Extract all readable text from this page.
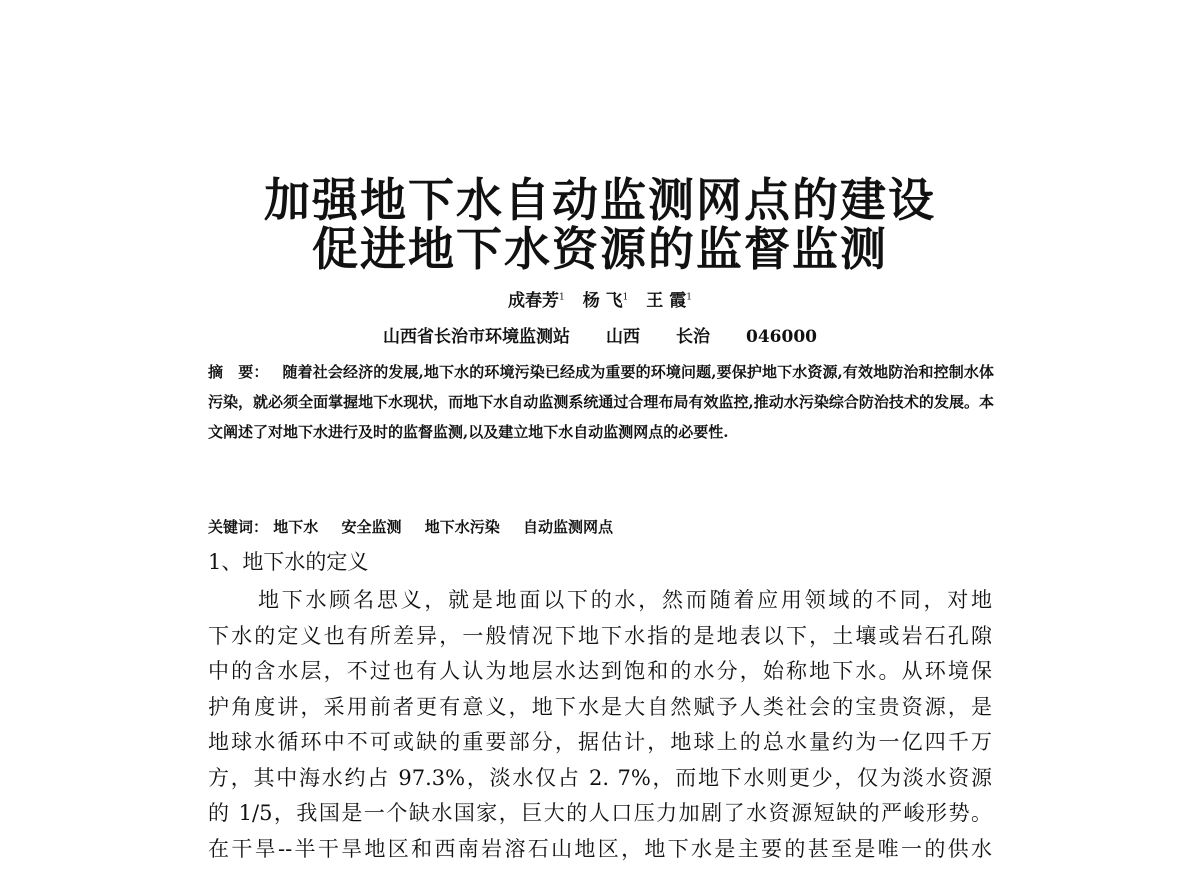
加强地下水自动监测网点的建设
促进地下水资源的监督监测
成春芳$^1$ 杨 飞$^1$ 王 霞$^1$
山西省长治市环境监测站 山西 长治 046000

摘　要： 随着社会经济的发展,地下水的环境污染已经成为重要的环境问题,要保护地下水资源,有效地防治和控制水体污染，就必须全面掌握地下水现状，而地下水自动监测系统通过合理布局有效监控,推动水污染综合防治技术的发展。本文阐述了对地下水进行及时的监督监测,以及建立地下水自动监测网点的必要性.

关键词： 地下水 安全监测 地下水污染 自动监测网点
1、地下水的定义
地下水顾名思义，就是地面以下的水，然而随着应用领域的不同，对地
下水的定义也有所差异，一般情况下地下水指的是地表以下，土壤或岩石孔隙
中的含水层，不过也有人认为地层水达到饱和的水分，始称地下水。从环境保
护角度讲，采用前者更有意义，地下水是大自然赋予人类社会的宝贵资源，是
地球水循环中不可或缺的重要部分，据估计，地球上的总水量约为一亿四千万
方，其中海水约占 97.3%，淡水仅占 2. 7%，而地下水则更少，仅为淡水资源
的 1/5，我国是一个缺水国家，巨大的人口压力加剧了水资源短缺的严峻形势。
在干旱--半干旱地区和西南岩溶石山地区，地下水是主要的甚至是唯一的供水
